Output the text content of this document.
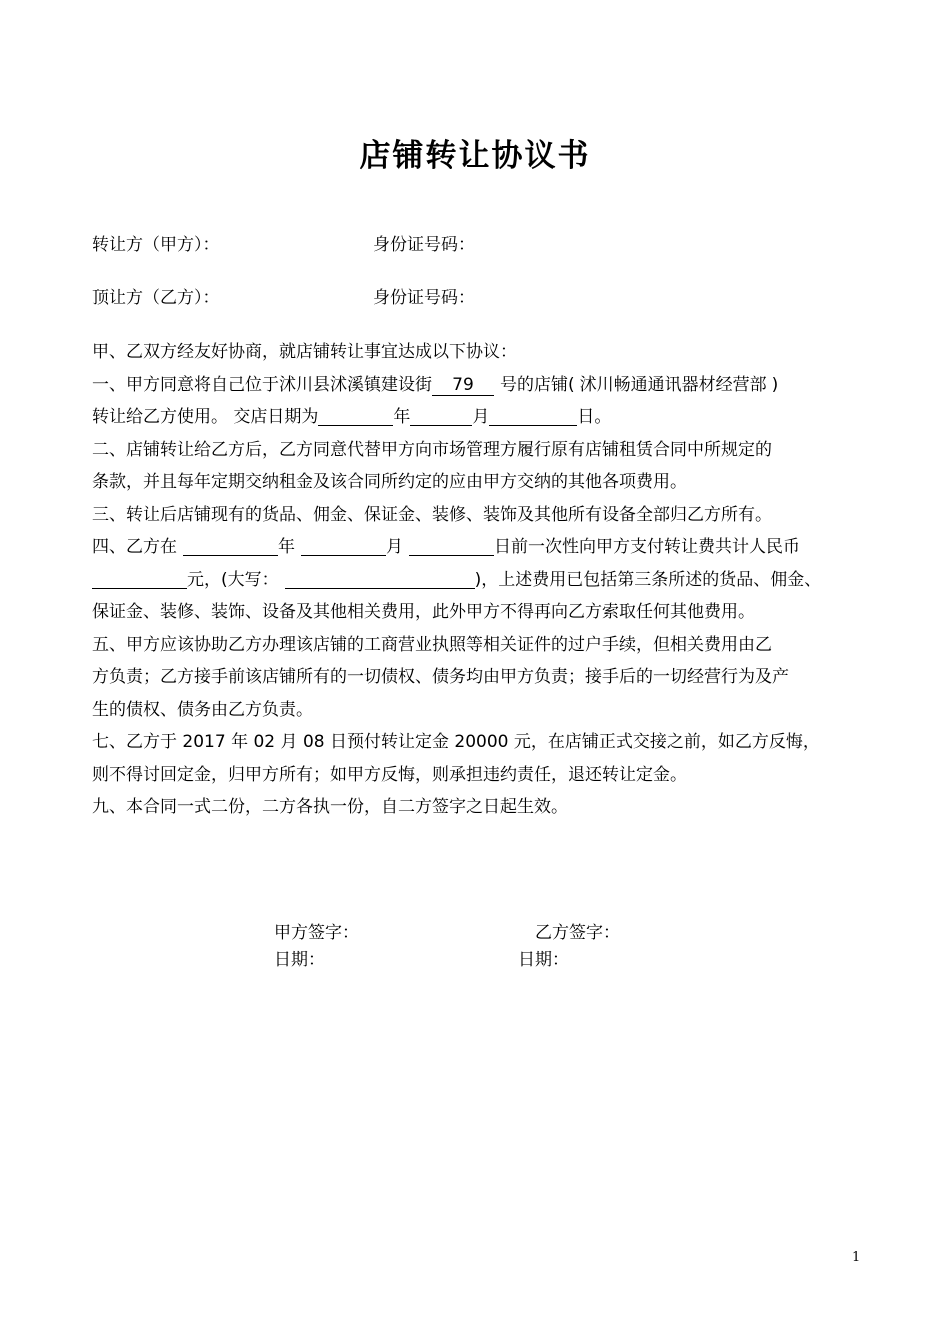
店铺转让协议书
转让方（甲方）：	身份证号码：
顶让方（乙方）：	身份证号码：

甲、乙双方经友好协商，就店铺转让事宜达成以下协议：

一、甲方同意将自己位于沭川县沭溪镇建设街 79 号的店铺( 沭川畅通通讯器材经营部 )

转让给乙方使用。 交店日期为	年	月	日。

二、店铺转让给乙方后，乙方同意代替甲方向市场管理方履行原有店铺租赁合同中所规定的

条款，并且每年定期交纳租金及该合同所约定的应由甲方交纳的其他各项费用。

三、转让后店铺现有的货品、佣金、保证金、装修、装饰及其他所有设备全部归乙方所有。

四、乙方在	年	月	日前一次性向甲方支付转让费共计人民币

元，(大写：	)，上述费用已包括第三条所述的货品、佣金、

保证金、装修、装饰、设备及其他相关费用，此外甲方不得再向乙方索取任何其他费用。

五、甲方应该协助乙方办理该店铺的工商营业执照等相关证件的过户手续，但相关费用由乙

方负责；乙方接手前该店铺所有的一切债权、债务均由甲方负责；接手后的一切经营行为及产

生的债权、债务由乙方负责。

七、乙方于 2017 年 02 月 08 日预付转让定金 20000 元，在店铺正式交接之前，如乙方反悔，

则不得讨回定金，归甲方所有；如甲方反悔，则承担违约责任，退还转让定金。

九、本合同一式二份，二方各执一份，自二方签字之日起生效。

甲方签字：	乙方签字：
日期：	日期：
1
